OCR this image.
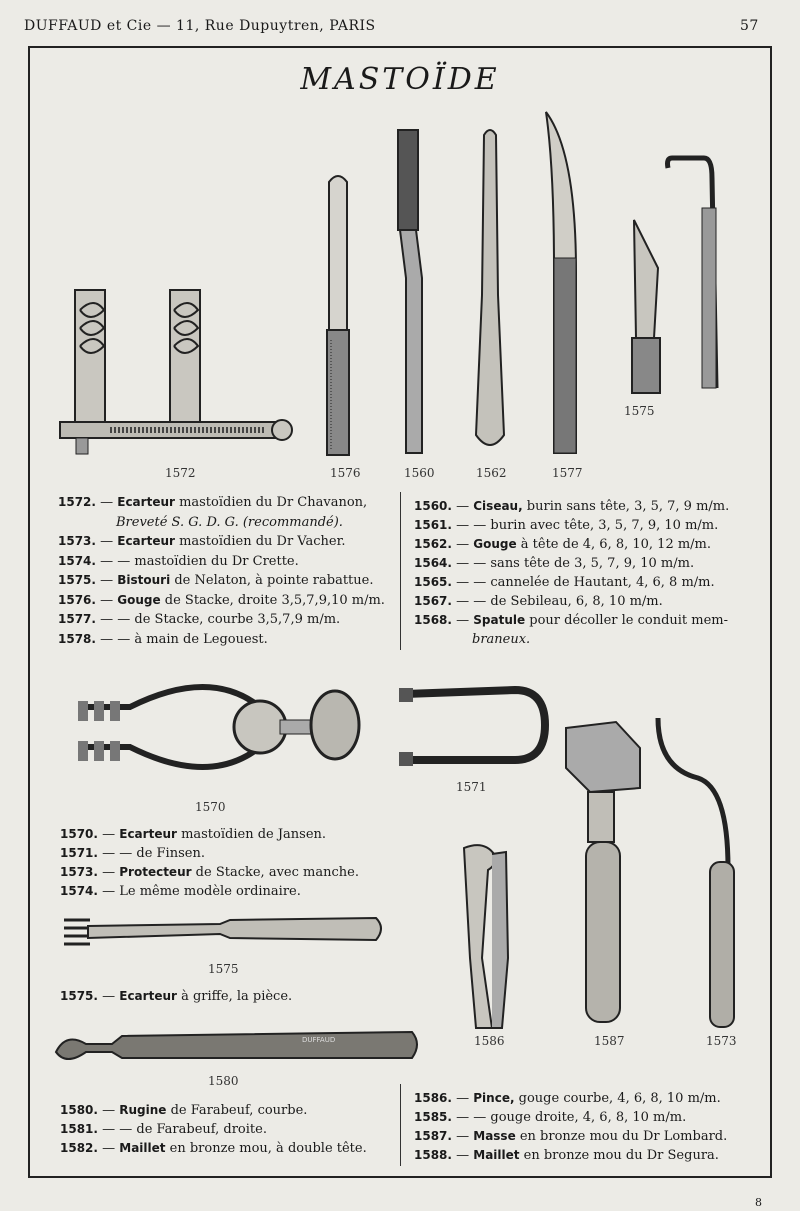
DUFFAUD et Cie — 11, Rue Dupuytren, PARIS	57
MASTOÏDE
1572	1576	1560	1562	1577
1575
1572. — Ecarteur mastoïdien du Dr Chavanon,
Breveté S. G. D. G. (recommandé).
1573. — Ecarteur mastoïdien du Dr Vacher.
1574. — — mastoïdien du Dr Crette.
1575. — Bistouri de Nelaton, à pointe rabattue.
1576. — Gouge de Stacke, droite 3,5,7,9,10 m/m.
1577. — — de Stacke, courbe 3,5,7,9 m/m.
1578. — — à main de Legouest.
1560. — Ciseau, burin sans tête, 3, 5, 7, 9 m/m.
1561. — — burin avec tête, 3, 5, 7, 9, 10 m/m.
1562. — Gouge à tête de 4, 6, 8, 10, 12 m/m.
1564. — — sans tête de 3, 5, 7, 9, 10 m/m.
1565. — — cannelée de Hautant, 4, 6, 8 m/m.
1567. — — de Sebileau, 6, 8, 10 m/m.
1568. — Spatule pour décoller le conduit mem-
braneux.
1570
1571
1570. — Ecarteur mastoïdien de Jansen.
1571. — — de Finsen.
1573. — Protecteur de Stacke, avec manche.
1574. — Le même modèle ordinaire.
1575
1575. — Ecarteur à griffe, la pièce.
DUFFAUD
1580
1586	1587	1573
1580. — Rugine de Farabeuf, courbe.
1581. — — de Farabeuf, droite.
1582. — Maillet en bronze mou, à double tête.
1586. — Pince, gouge courbe, 4, 6, 8, 10 m/m.
1585. — — gouge droite, 4, 6, 8, 10 m/m.
1587. — Masse en bronze mou du Dr Lombard.
1588. — Maillet en bronze mou du Dr Segura.
8
